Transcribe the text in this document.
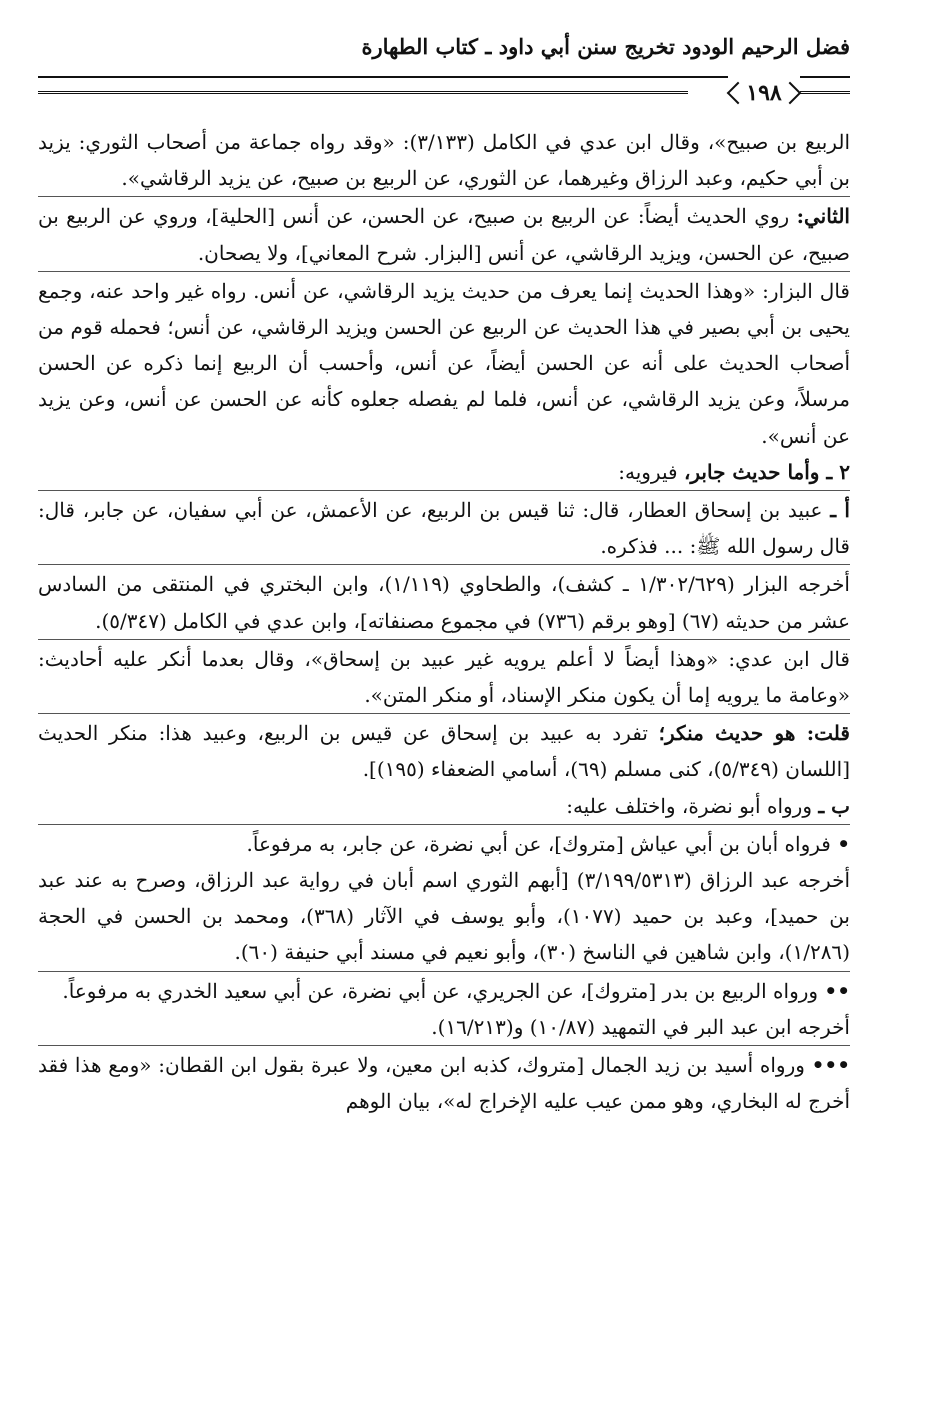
فضل الرحيم الودود تخريج سنن أبي داود ـ كتاب الطهارة
١٩٨

الربيع بن صبيح»، وقال ابن عدي في الكامل (٣/١٣٣): «وقد رواه جماعة من أصحاب الثوري: يزيد بن أبي حكيم، وعبد الرزاق وغيرهما، عن الثوري، عن الربيع بن صبيح، عن يزيد الرقاشي».

الثاني: روي الحديث أيضاً: عن الربيع بن صبيح، عن الحسن، عن أنس [الحلية]، وروي عن الربيع بن صبيح، عن الحسن، ويزيد الرقاشي، عن أنس [البزار. شرح المعاني]، ولا يصحان.

قال البزار: «وهذا الحديث إنما يعرف من حديث يزيد الرقاشي، عن أنس. رواه غير واحد عنه، وجمع يحيى بن أبي بصير في هذا الحديث عن الربيع عن الحسن ويزيد الرقاشي، عن أنس؛ فحمله قوم من أصحاب الحديث على أنه عن الحسن أيضاً، عن أنس، وأحسب أن الربيع إنما ذكره عن الحسن مرسلاً، وعن يزيد الرقاشي، عن أنس، فلما لم يفصله جعلوه كأنه عن الحسن عن أنس، وعن يزيد عن أنس».

٢ ـ وأما حديث جابر، فيرويه:

أ ـ عبيد بن إسحاق العطار، قال: ثنا قيس بن الربيع، عن الأعمش، عن أبي سفيان، عن جابر، قال: قال رسول الله ﷺ: ... فذكره.

أخرجه البزار (١/٣٠٢/٦٢٩ ـ كشف)، والطحاوي (١/١١٩)، وابن البختري في المنتقى من السادس عشر من حديثه (٦٧) [وهو برقم (٧٣٦) في مجموع مصنفاته]، وابن عدي في الكامل (٥/٣٤٧).

قال ابن عدي: «وهذا أيضاً لا أعلم يرويه غير عبيد بن إسحاق»، وقال بعدما أنكر عليه أحاديث: «وعامة ما يرويه إما أن يكون منكر الإسناد، أو منكر المتن».

قلت: هو حديث منكر؛ تفرد به عبيد بن إسحاق عن قيس بن الربيع، وعبيد هذا: منكر الحديث [اللسان (٥/٣٤٩)، كنى مسلم (٦٩)، أسامي الضعفاء (١٩٥)].

ب ـ ورواه أبو نضرة، واختلف عليه:

• فرواه أبان بن أبي عياش [متروك]، عن أبي نضرة، عن جابر، به مرفوعاً.

أخرجه عبد الرزاق (٣/١٩٩/٥٣١٣) [أبهم الثوري اسم أبان في رواية عبد الرزاق، وصرح به عند عبد بن حميد]، وعبد بن حميد (١٠٧٧)، وأبو يوسف في الآثار (٣٦٨)، ومحمد بن الحسن في الحجة (١/٢٨٦)، وابن شاهين في الناسخ (٣٠)، وأبو نعيم في مسند أبي حنيفة (٦٠).

•• ورواه الربيع بن بدر [متروك]، عن الجريري، عن أبي نضرة، عن أبي سعيد الخدري به مرفوعاً.

أخرجه ابن عبد البر في التمهيد (١٠/٨٧) و(١٦/٢١٣).

••• ورواه أسيد بن زيد الجمال [متروك، كذبه ابن معين، ولا عبرة بقول ابن القطان: «ومع هذا فقد أخرج له البخاري، وهو ممن عيب عليه الإخراج له»، بيان الوهم
